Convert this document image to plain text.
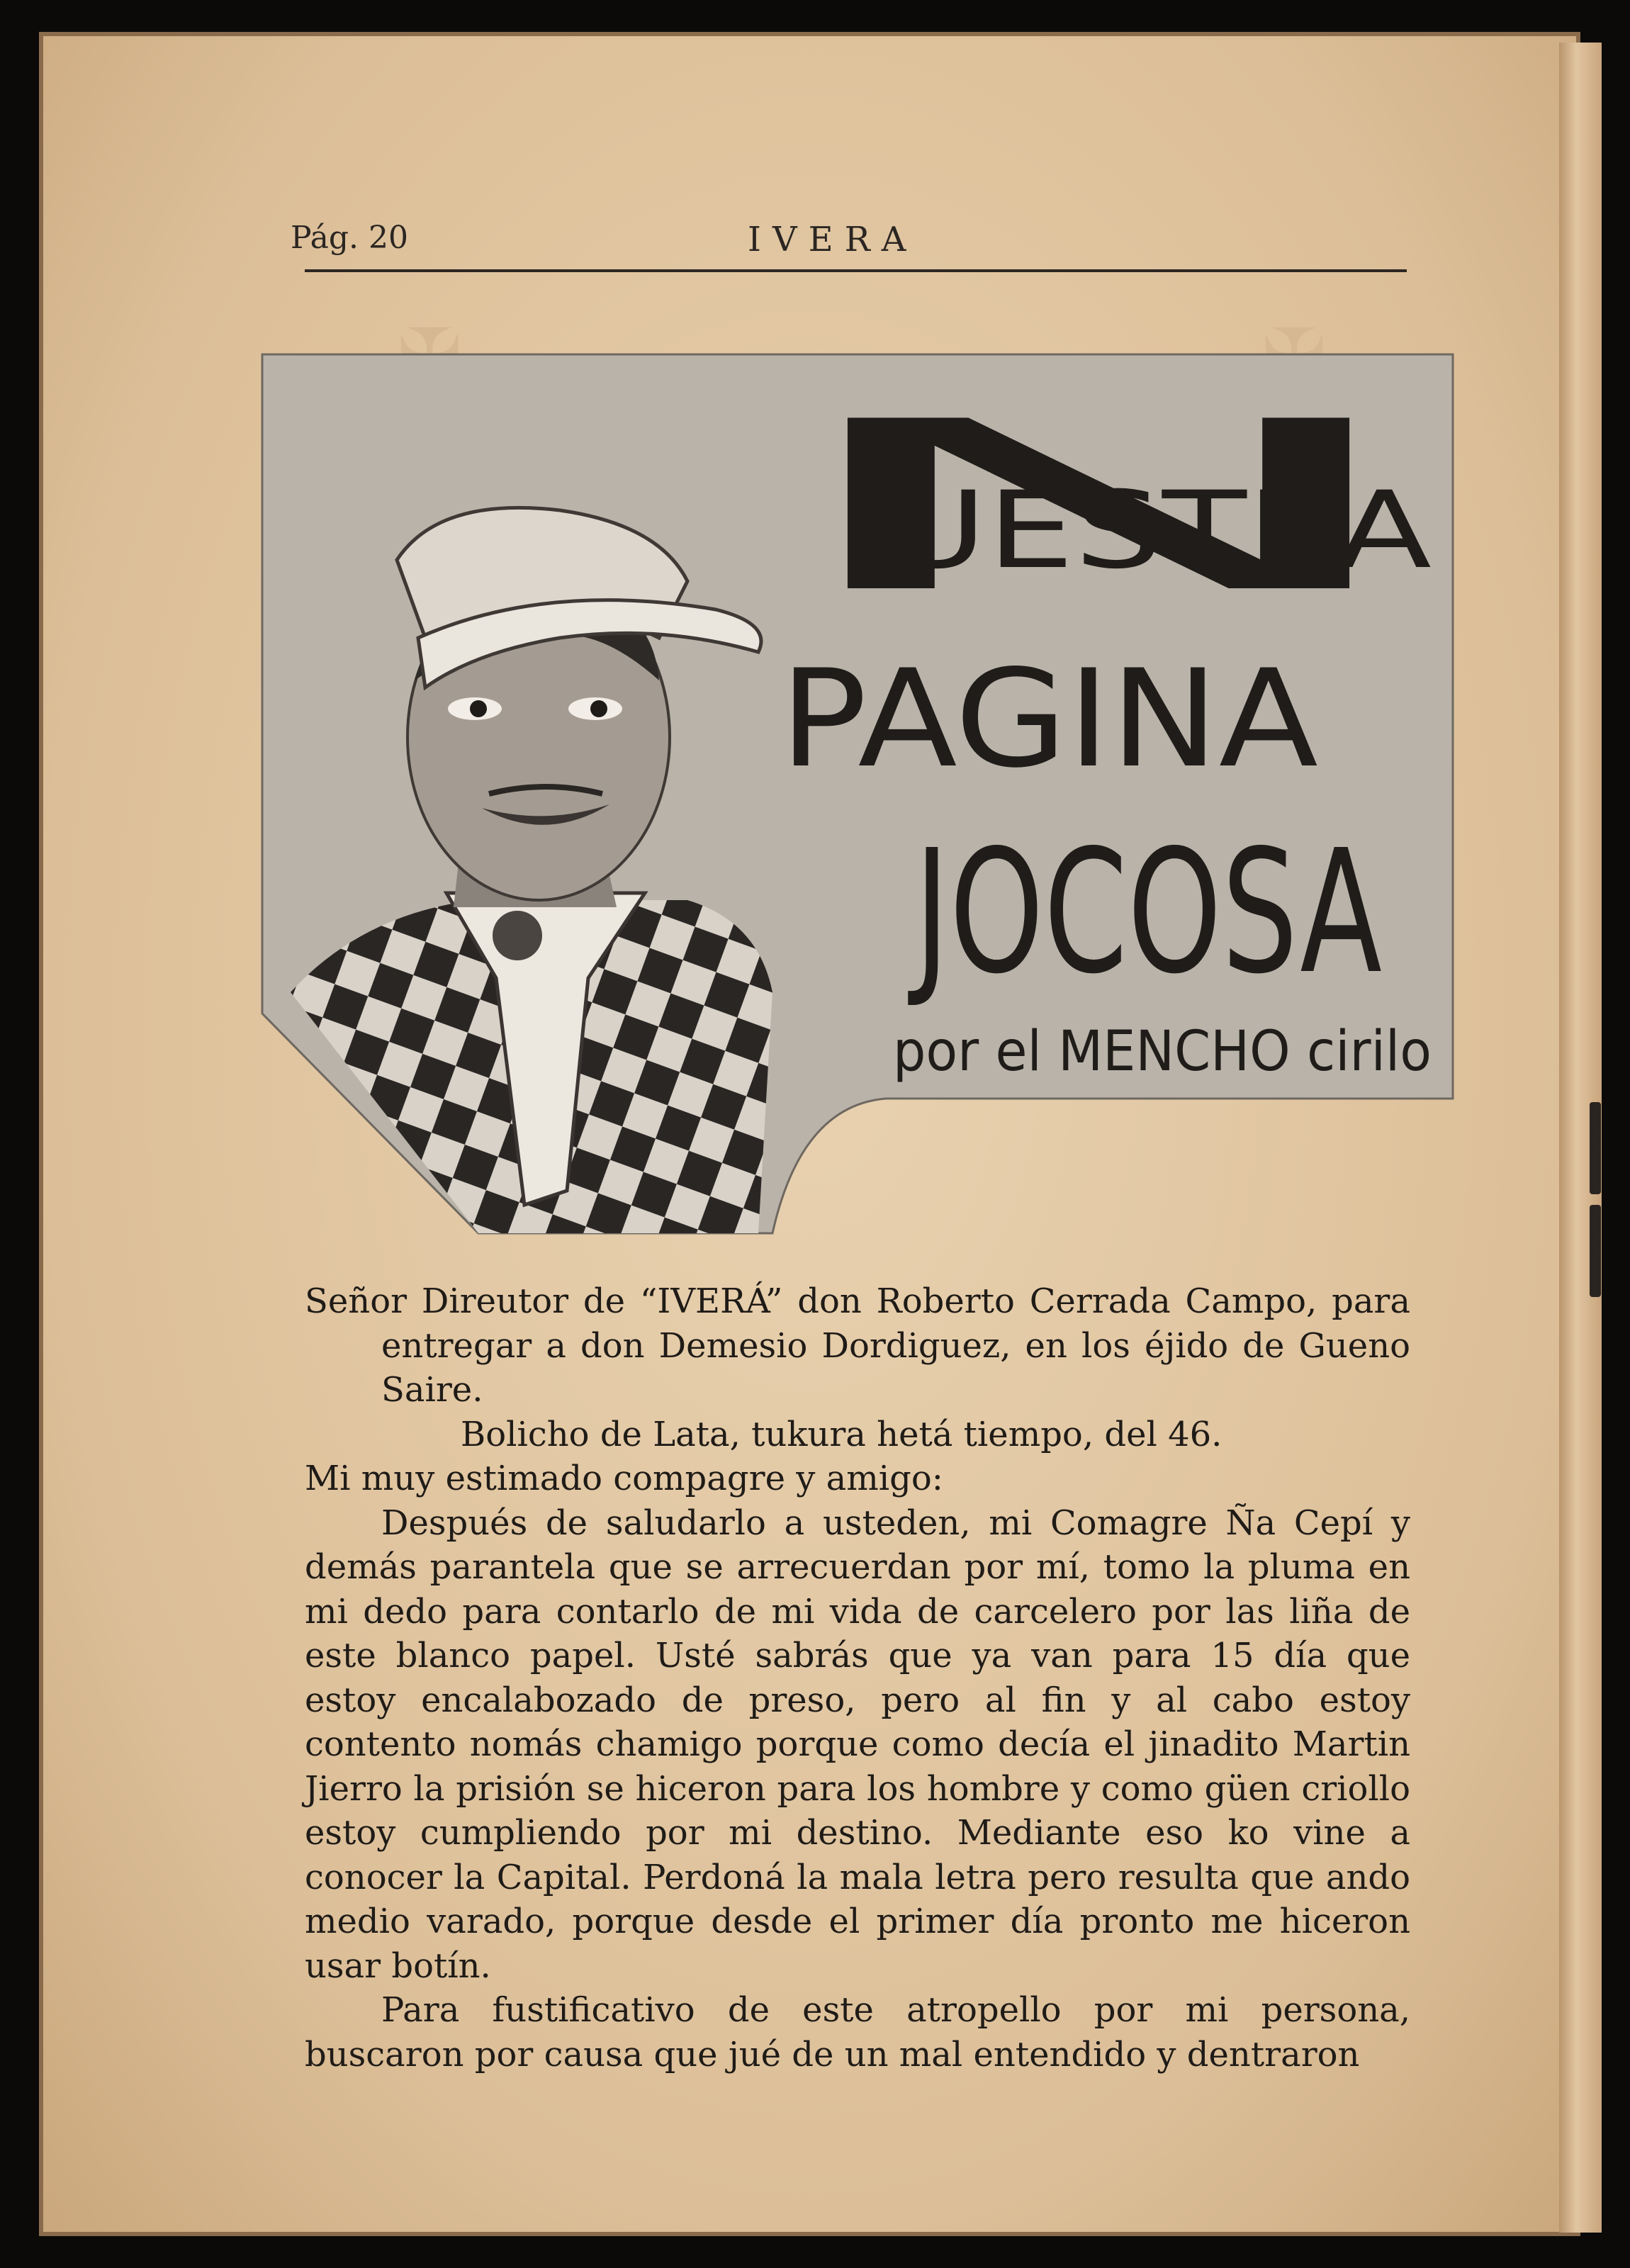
Pág. 20	IVERA
N
UESTRA
PAGINA
JOCOSA
por el MENCHO cirilo

Señor Direutor de “IVERÁ” don Roberto Cerrada Campo, para entregar a don Demesio Dordiguez, en los éjido de Gueno Saire.

Bolicho de Lata, tukura hetá tiempo, del 46.

Mi muy estimado compagre y amigo:

Después de saludarlo a usteden, mi Comagre Ña Cepí y demás parantela que se arrecuerdan por mí, tomo la pluma en mi dedo para contarlo de mi vida de carcelero por las liña de este blanco papel. Usté sabrás que ya van para 15 día que estoy encalabozado de preso, pero al fin y al cabo estoy contento nomás chamigo porque como decía el jinadito Martin Jierro la prisión se hiceron para los hombre y como güen criollo estoy cumpliendo por mi destino. Mediante eso ko vine a conocer la Capital. Perdoná la mala letra pero resulta que ando medio varado, porque desde el primer día pronto me hiceron usar botín.

Para fustificativo de este atropello por mi persona, buscaron por causa que jué de un mal entendido y dentraron
